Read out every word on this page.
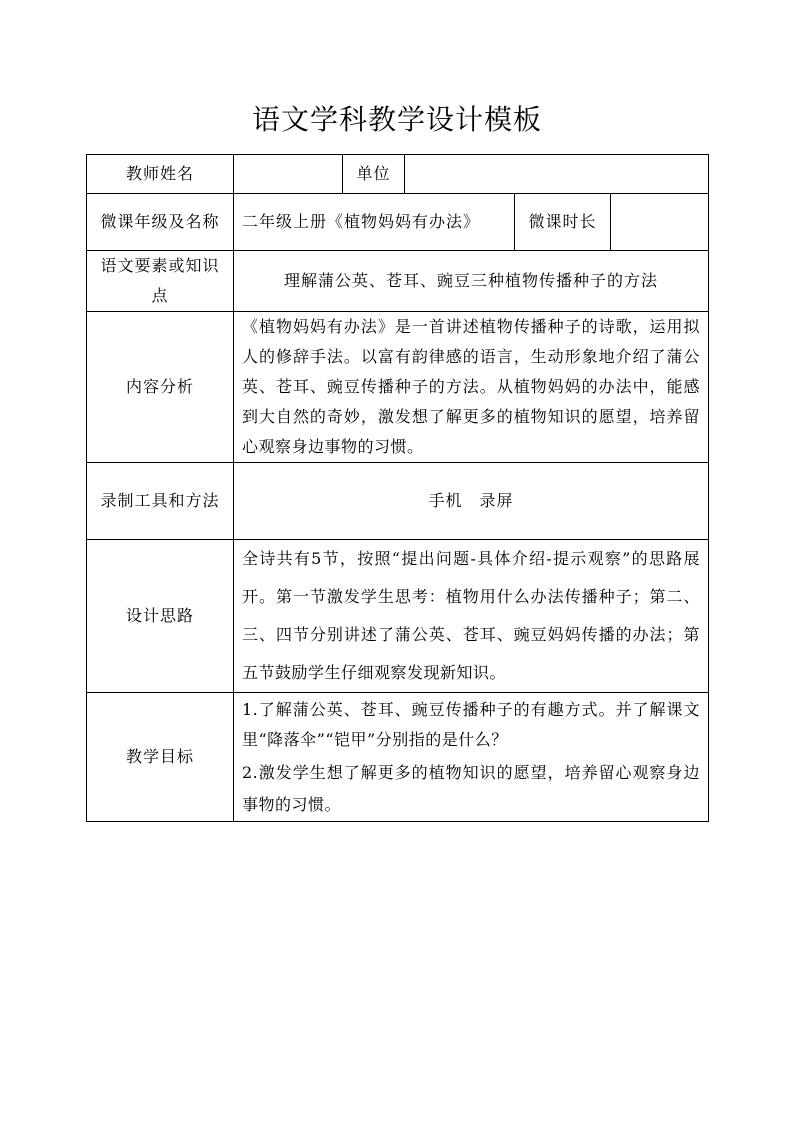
语文学科教学设计模板
教师姓名		单位			
微课年级及名称	二年级上册《植物妈妈有办法》			微课时长	
语文要素或知识点	理解蒲公英、苍耳、豌豆三种植物传播种子的方法				
内容分析	《植物妈妈有办法》是一首讲述植物传播种子的诗歌，运用拟人的修辞手法。以富有韵律感的语言，生动形象地介绍了蒲公英、苍耳、豌豆传播种子的方法。从植物妈妈的办法中，能感到大自然的奇妙，激发想了解更多的植物知识的愿望，培养留心观察身边事物的习惯。				
录制工具和方法	手机　录屏				
设计思路	全诗共有5节，按照“提出问题-具体介绍-提示观察”的思路展开。第一节激发学生思考：植物用什么办法传播种子；第二、三、四节分别讲述了蒲公英、苍耳、豌豆妈妈传播的办法；第五节鼓励学生仔细观察发现新知识。				
教学目标	1.了解蒲公英、苍耳、豌豆传播种子的有趣方式。并了解课文里“降落伞”“铠甲”分别指的是什么？
2.激发学生想了解更多的植物知识的愿望，培养留心观察身边事物的习惯。				
